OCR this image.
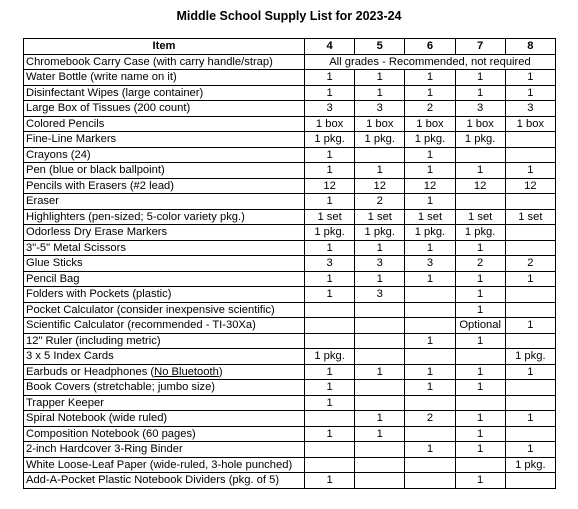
Middle School Supply List for 2023-24
Item	4	5	6	7	8
Chromebook Carry Case (with carry handle/strap)	All grades - Recommended, not required				
Water Bottle (write name on it)	1	1	1	1	1
Disinfectant Wipes (large container)	1	1	1	1	1
Large Box of Tissues (200 count)	3	3	2	3	3
Colored Pencils	1 box	1 box	1 box	1 box	1 box
Fine-Line Markers	1 pkg.	1 pkg.	1 pkg.	1 pkg.	
Crayons (24)	1		1		
Pen (blue or black ballpoint)	1	1	1	1	1
Pencils with Erasers (#2 lead)	12	12	12	12	12
Eraser	1	2	1		
Highlighters (pen-sized; 5-color variety pkg.)	1 set	1 set	1 set	1 set	1 set
Odorless Dry Erase Markers	1 pkg.	1 pkg.	1 pkg.	1 pkg.	
3"-5" Metal Scissors	1	1	1	1	
Glue Sticks	3	3	3	2	2
Pencil Bag	1	1	1	1	1
Folders with Pockets (plastic)	1	3		1	
Pocket Calculator (consider inexpensive scientific)				1	
Scientific Calculator (recommended - TI-30Xa)				Optional	1
12" Ruler (including metric)			1	1	
3 x 5 Index Cards	1 pkg.				1 pkg.
Earbuds or Headphones (No Bluetooth)	1	1	1	1	1
Book Covers (stretchable; jumbo size)	1		1	1	
Trapper Keeper	1				
Spiral Notebook (wide ruled)		1	2	1	1
Composition Notebook (60 pages)	1	1		1	
2-inch Hardcover 3-Ring Binder			1	1	1
White Loose-Leaf Paper (wide-ruled, 3-hole punched)					1 pkg.
Add-A-Pocket Plastic Notebook Dividers (pkg. of 5)	1			1	
